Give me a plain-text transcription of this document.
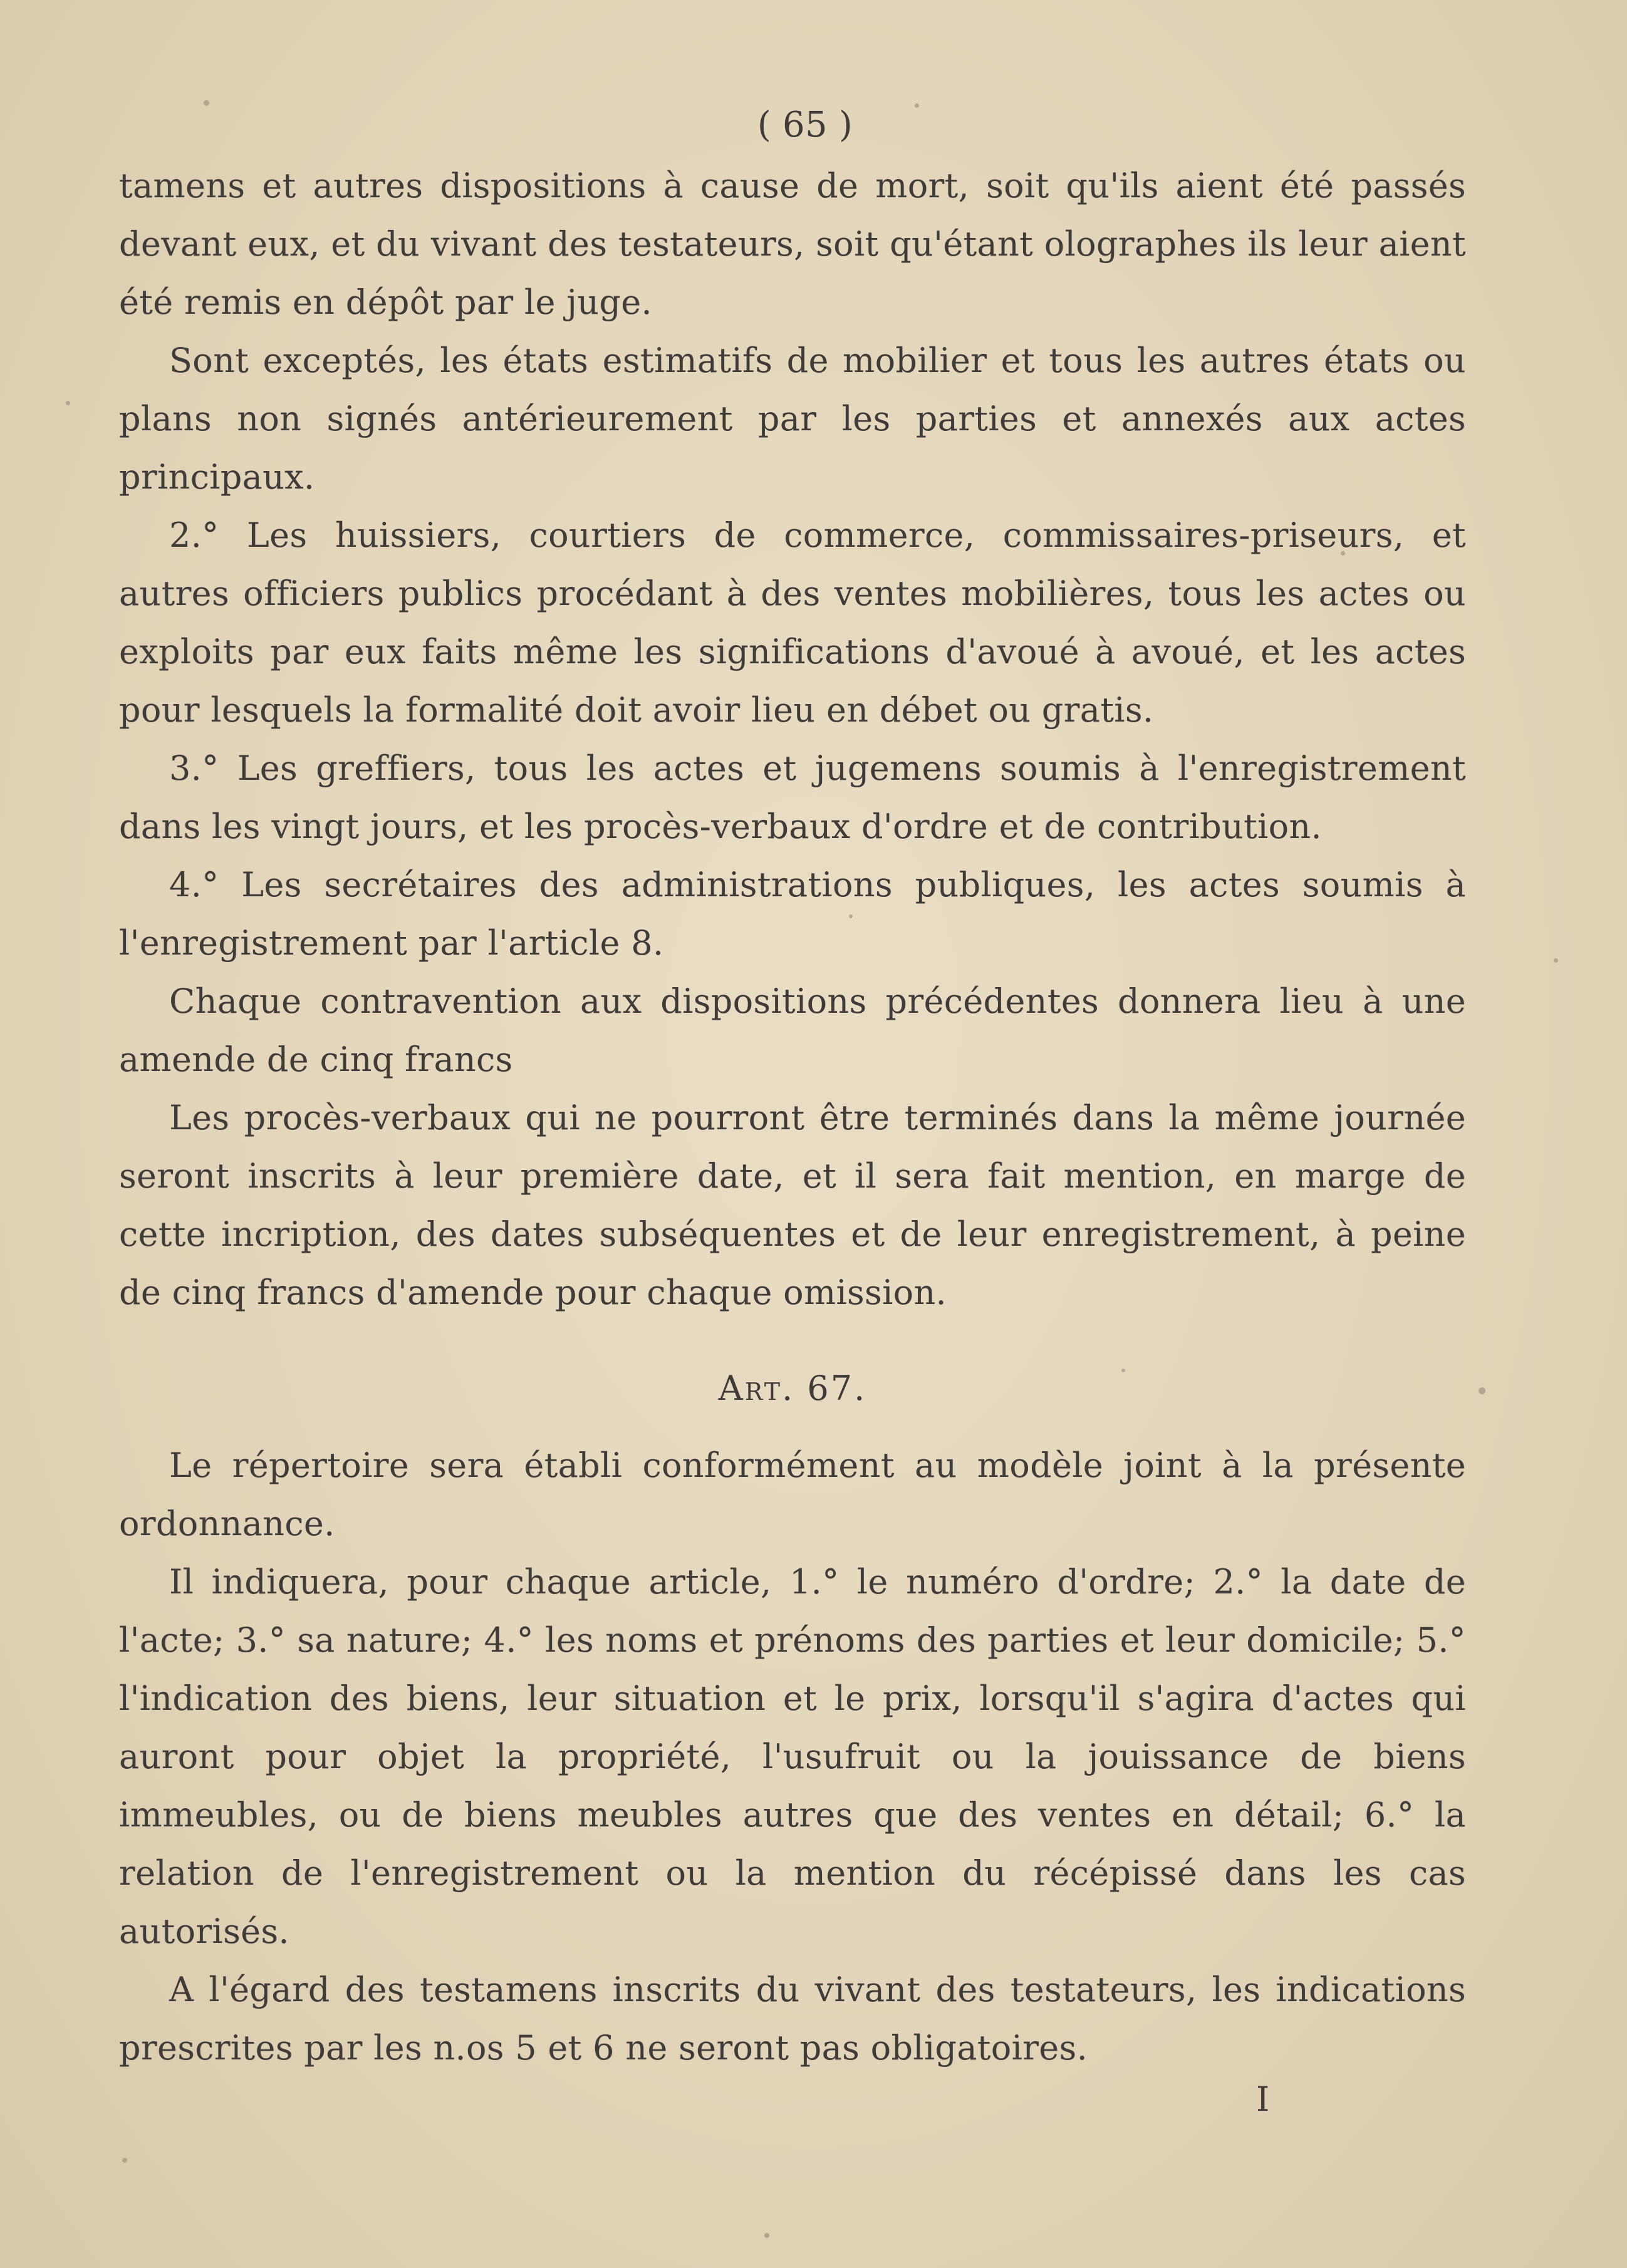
( 65 )

tamens et autres dispositions à cause de mort, soit qu'ils aient été passés devant eux, et du vivant des testateurs, soit qu'étant olographes ils leur aient été remis en dépôt par le juge.

Sont exceptés, les états estimatifs de mobilier et tous les autres états ou plans non signés antérieurement par les parties et annexés aux actes principaux.

2.° Les huissiers, courtiers de commerce, commissaires-priseurs, et autres officiers publics procédant à des ventes mobilières, tous les actes ou exploits par eux faits même les significations d'avoué à avoué, et les actes pour lesquels la formalité doit avoir lieu en débet ou gratis.

3.° Les greffiers, tous les actes et jugemens soumis à l'enregistrement dans les vingt jours, et les procès-verbaux d'ordre et de contribution.

4.° Les secrétaires des administrations publiques, les actes soumis à l'enregistrement par l'article 8.

Chaque contravention aux dispositions précédentes donnera lieu à une amende de cinq francs

Les procès-verbaux qui ne pourront être terminés dans la même journée seront inscrits à leur première date, et il sera fait mention, en marge de cette incription, des dates subséquentes et de leur enregistrement, à peine de cinq francs d'amende pour chaque omission.

Art. 67.

Le répertoire sera établi conformément au modèle joint à la présente ordonnance.

Il indiquera, pour chaque article, 1.° le numéro d'ordre; 2.° la date de l'acte; 3.° sa nature; 4.° les noms et prénoms des parties et leur domicile; 5.° l'indication des biens, leur situation et le prix, lorsqu'il s'agira d'actes qui auront pour objet la propriété, l'usufruit ou la jouissance de biens immeubles, ou de biens meubles autres que des ventes en détail; 6.° la relation de l'enregistrement ou la mention du récépissé dans les cas autorisés.

A l'égard des testamens inscrits du vivant des testateurs, les indications prescrites par les n.os 5 et 6 ne seront pas obligatoires.

I
